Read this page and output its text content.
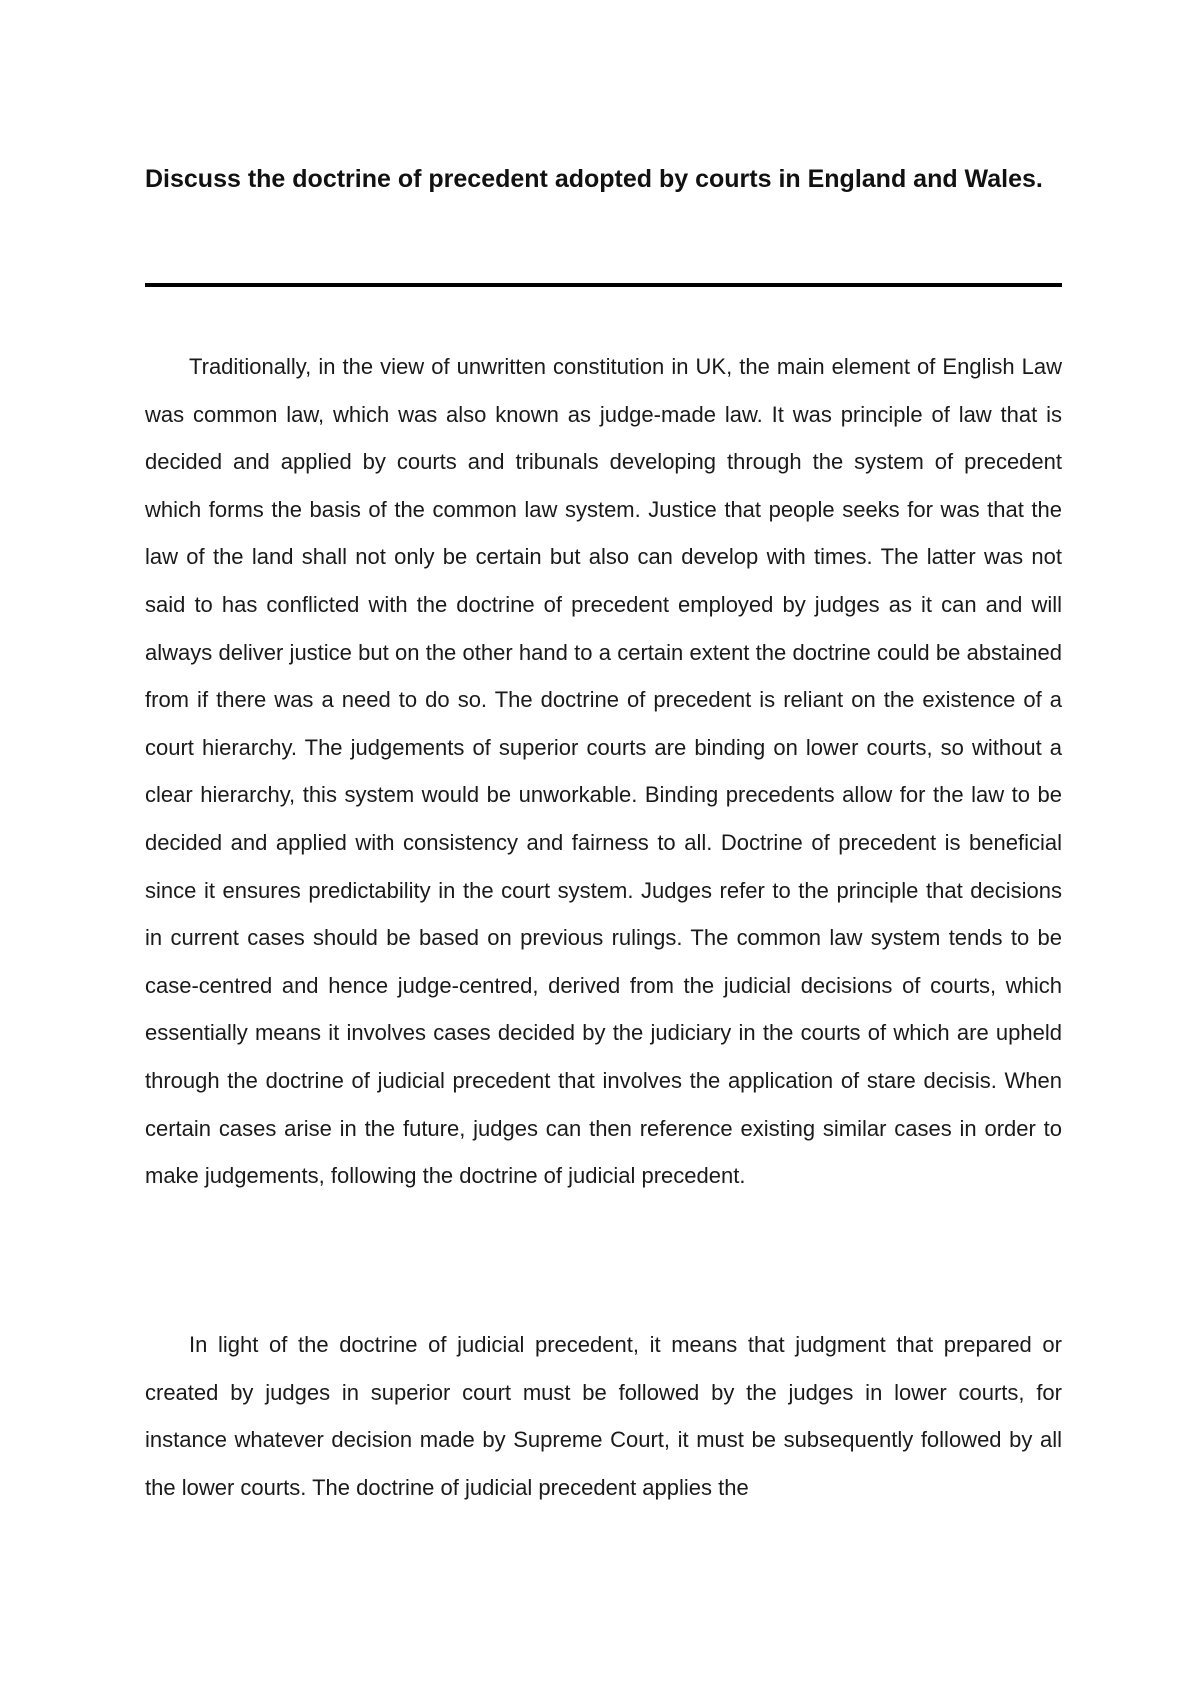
Discuss the doctrine of precedent adopted by courts in England and Wales.

Traditionally, in the view of unwritten constitution in UK, the main element of English Law was common law, which was also known as judge-made law. It was principle of law that is decided and applied by courts and tribunals developing through the system of precedent which forms the basis of the common law system. Justice that people seeks for was that the law of the land shall not only be certain but also can develop with times. The latter was not said to has conflicted with the doctrine of precedent employed by judges as it can and will always deliver justice but on the other hand to a certain extent the doctrine could be abstained from if there was a need to do so. The doctrine of precedent is reliant on the existence of a court hierarchy. The judgements of superior courts are binding on lower courts, so without a clear hierarchy, this system would be unworkable. Binding precedents allow for the law to be decided and applied with consistency and fairness to all. Doctrine of precedent is beneficial since it ensures predictability in the court system. Judges refer to the principle that decisions in current cases should be based on previous rulings. The common law system tends to be case-centred and hence judge-centred, derived from the judicial decisions of courts, which essentially means it involves cases decided by the judiciary in the courts of which are upheld through the doctrine of judicial precedent that involves the application of stare decisis. When certain cases arise in the future, judges can then reference existing similar cases in order to make judgements, following the doctrine of judicial precedent.

In light of the doctrine of judicial precedent, it means that judgment that prepared or created by judges in superior court must be followed by the judges in lower courts, for instance whatever decision made by Supreme Court, it must be subsequently followed by all the lower courts. The doctrine of judicial precedent applies the
